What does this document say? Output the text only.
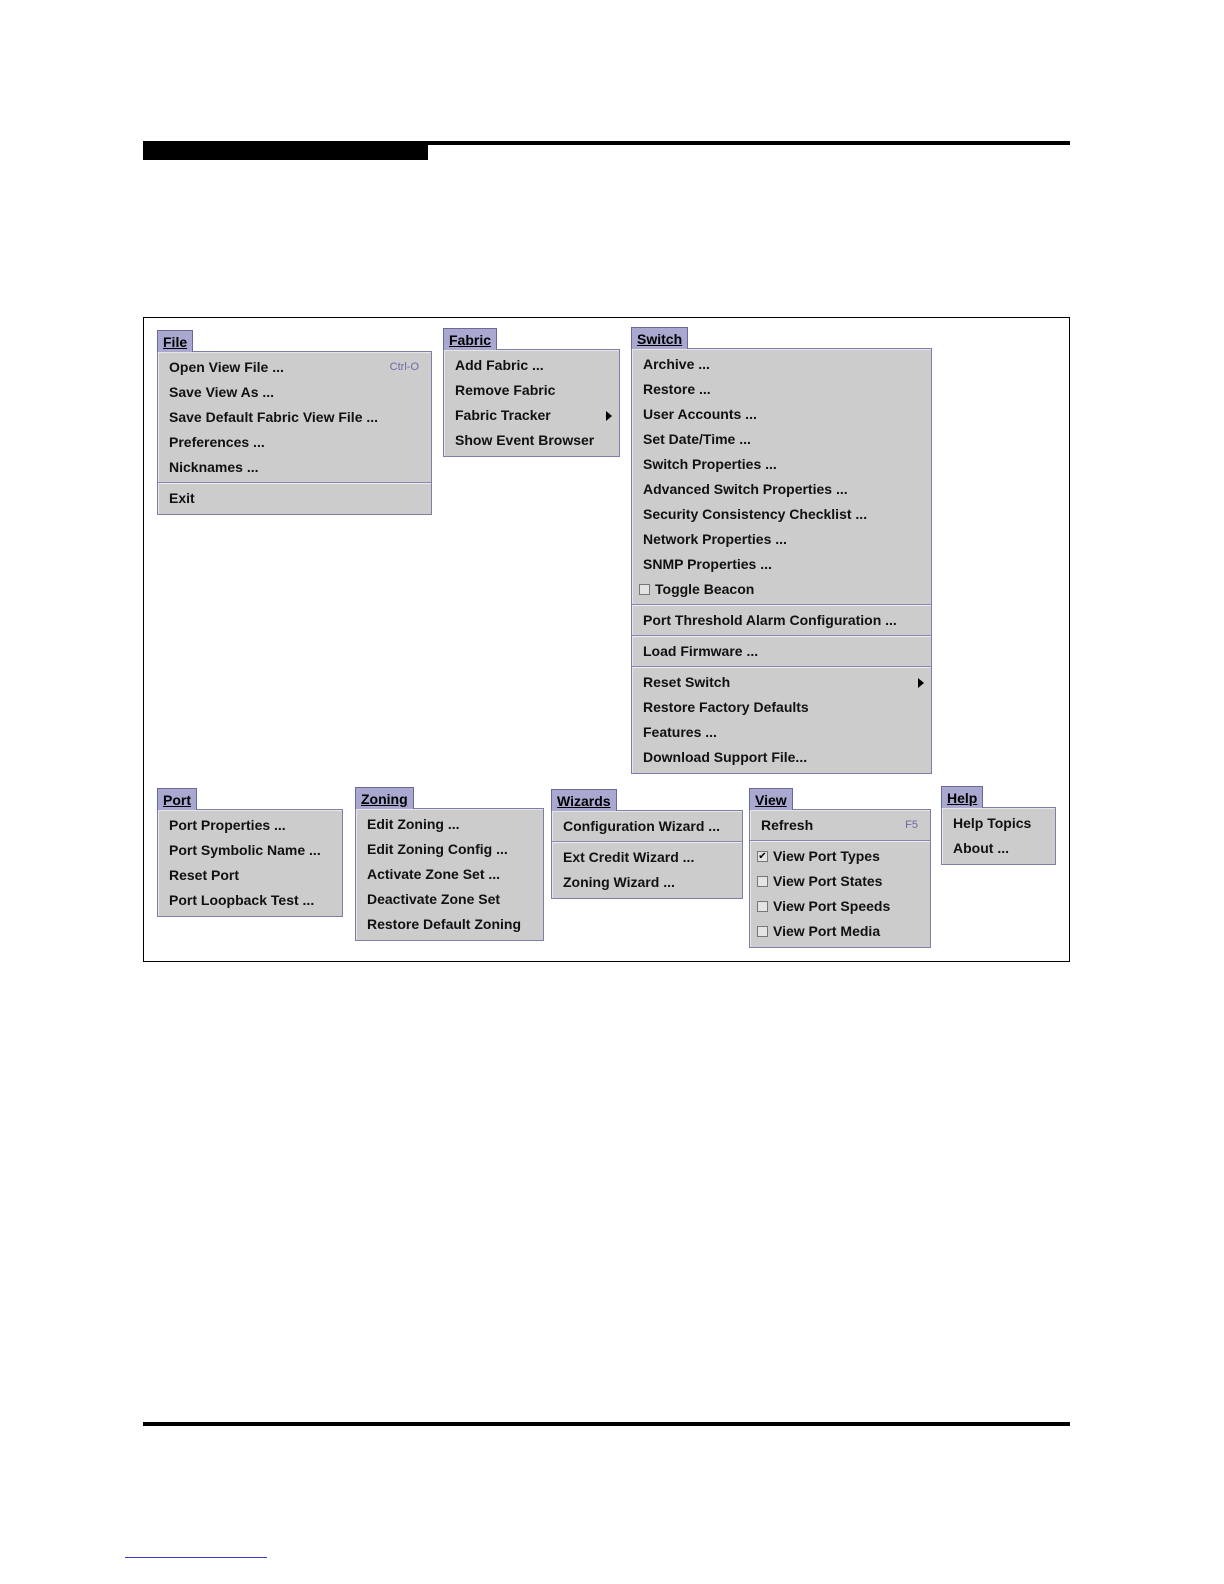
File
Open View File ...	Ctrl-O
Save View As ...
Save Default Fabric View File ...
Preferences ...
Nicknames ...
Exit
Fabric
Add Fabric ...
Remove Fabric
Fabric Tracker
Show Event Browser
Switch
Archive ...
Restore ...
User Accounts ...
Set Date/Time ...
Switch Properties ...
Advanced Switch Properties ...
Security Consistency Checklist ...
Network Properties ...
SNMP Properties ...
Toggle Beacon
Port Threshold Alarm Configuration ...
Load Firmware ...
Reset Switch
Restore Factory Defaults
Features ...
Download Support File...
Port
Port Properties ...
Port Symbolic Name ...
Reset Port
Port Loopback Test ...
Zoning
Edit Zoning ...
Edit Zoning Config ...
Activate Zone Set ...
Deactivate Zone Set
Restore Default Zoning
Wizards
Configuration Wizard ...
Ext Credit Wizard ...
Zoning Wizard ...
View
Refresh	F5
✔ View Port Types
View Port States
View Port Speeds
View Port Media
Help
Help Topics
About ...
